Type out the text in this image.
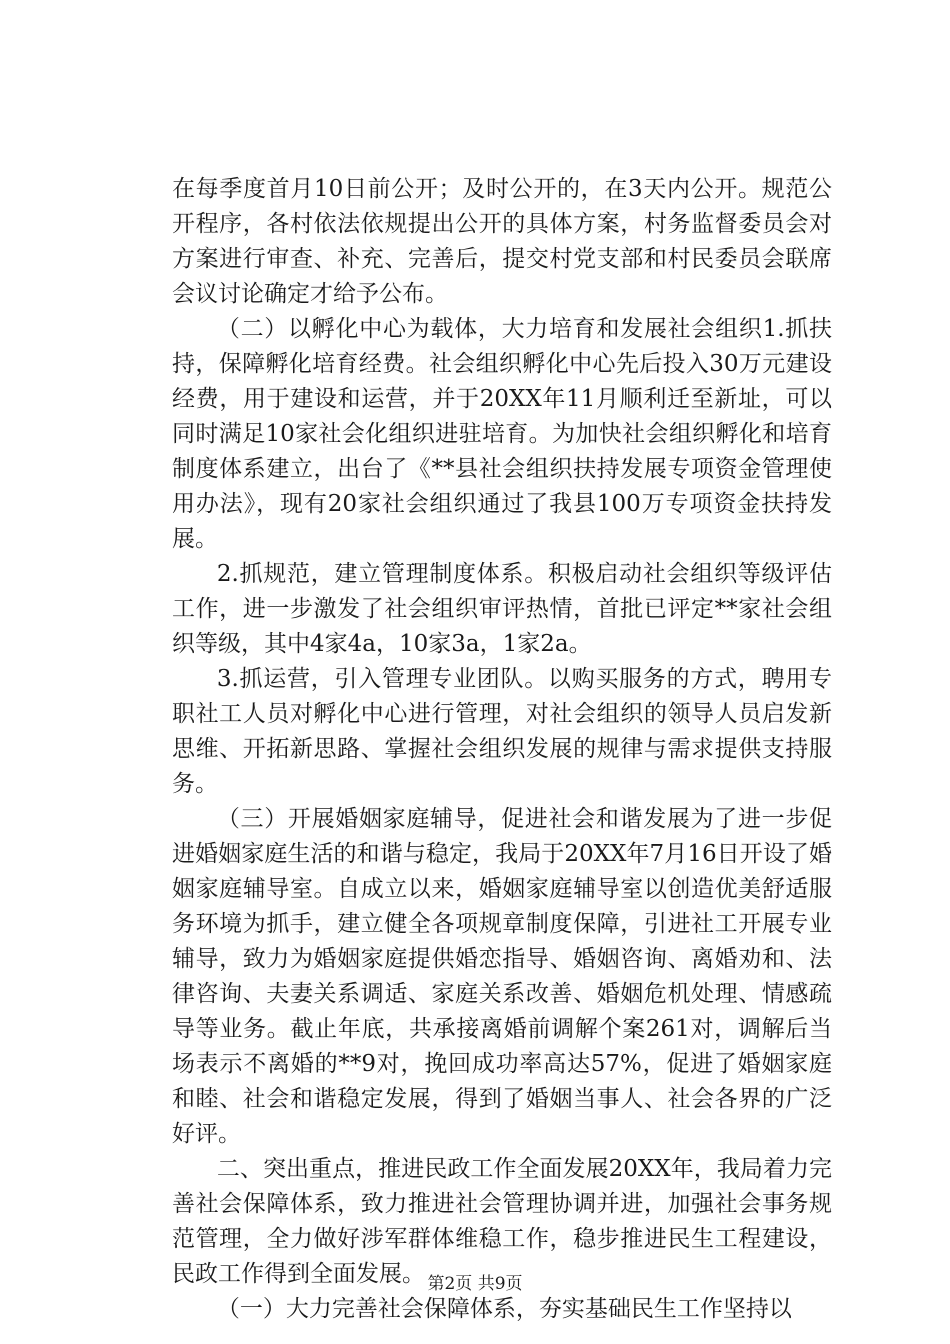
在每季度首月10日前公开；及时公开的，在3天内公开。规范公开程序，各村依法依规提出公开的具体方案，村务监督委员会对方案进行审查、补充、完善后，提交村党支部和村民委员会联席会议讨论确定才给予公布。

（二）以孵化中心为载体，大力培育和发展社会组织1.抓扶持，保障孵化培育经费。社会组织孵化中心先后投入30万元建设经费，用于建设和运营，并于20XX年11月顺利迁至新址，可以同时满足10家社会化组织进驻培育。为加快社会组织孵化和培育制度体系建立，出台了《**县社会组织扶持发展专项资金管理使用办法》，现有20家社会组织通过了我县100万专项资金扶持发展。

2.抓规范，建立管理制度体系。积极启动社会组织等级评估工作，进一步激发了社会组织审评热情，首批已评定**家社会组织等级，其中4家4a，10家3a，1家2a。

3.抓运营，引入管理专业团队。以购买服务的方式，聘用专职社工人员对孵化中心进行管理，对社会组织的领导人员启发新思维、开拓新思路、掌握社会组织发展的规律与需求提供支持服务。

（三）开展婚姻家庭辅导，促进社会和谐发展为了进一步促进婚姻家庭生活的和谐与稳定，我局于20XX年7月16日开设了婚姻家庭辅导室。自成立以来，婚姻家庭辅导室以创造优美舒适服务环境为抓手，建立健全各项规章制度保障，引进社工开展专业辅导，致力为婚姻家庭提供婚恋指导、婚姻咨询、离婚劝和、法律咨询、夫妻关系调适、家庭关系改善、婚姻危机处理、情感疏导等业务。截止年底，共承接离婚前调解个案261对，调解后当场表示不离婚的**9对，挽回成功率高达57%，促进了婚姻家庭和睦、社会和谐稳定发展，得到了婚姻当事人、社会各界的广泛好评。

二、突出重点，推进民政工作全面发展20XX年，我局着力完善社会保障体系，致力推进社会管理协调并进，加强社会事务规范管理，全力做好涉军群体维稳工作，稳步推进民生工程建设，民政工作得到全面发展。

（一）大力完善社会保障体系，夯实基础民生工作坚持以

第2页 共9页
